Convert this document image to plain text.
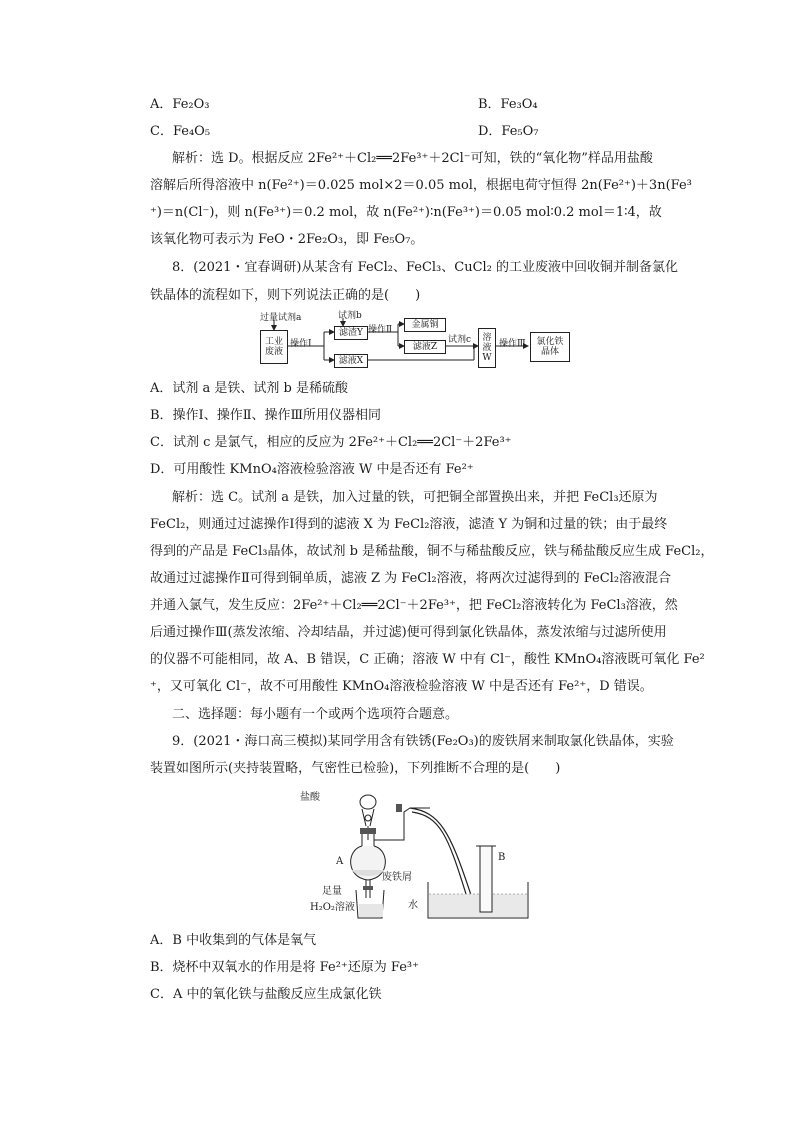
A．Fe₂O₃	B．Fe₃O₄
C．Fe₄O₅	D．Fe₅O₇
解析：选 D。根据反应 2Fe²⁺＋Cl₂══2Fe³⁺＋2Cl⁻可知，铁的“氧化物”样品用盐酸
溶解后所得溶液中 n(Fe²⁺)＝0.025 mol×2＝0.05 mol，根据电荷守恒得 2n(Fe²⁺)＋3n(Fe³
⁺)＝n(Cl⁻)，则 n(Fe³⁺)＝0.2 mol，故 n(Fe²⁺)∶n(Fe³⁺)＝0.05 mol∶0.2 mol＝1∶4，故
该氧化物可表示为 FeO・2Fe₂O₃，即 Fe₅O₇。
8．(2021・宜春调研)从某含有 FeCl₂、FeCl₃、CuCl₂ 的工业废液中回收铜并制备氯化
铁晶体的流程如下，则下列说法正确的是(　　)
过量试剂a
工业废液
操作Ⅰ
试剂b
滤渣Y
滤液X
操作Ⅱ 金属铜
滤液Z
试剂c 溶液W
操作Ⅲ 氯化铁晶体
A．试剂 a 是铁、试剂 b 是稀硫酸
B．操作Ⅰ、操作Ⅱ、操作Ⅲ所用仪器相同
C．试剂 c 是氯气，相应的反应为 2Fe²⁺＋Cl₂══2Cl⁻＋2Fe³⁺
D．可用酸性 KMnO₄溶液检验溶液 W 中是否还有 Fe²⁺
解析：选 C。试剂 a 是铁，加入过量的铁，可把铜全部置换出来，并把 FeCl₃还原为
FeCl₂，则通过过滤操作Ⅰ得到的滤液 X 为 FeCl₂溶液，滤渣 Y 为铜和过量的铁；由于最终
得到的产品是 FeCl₃晶体，故试剂 b 是稀盐酸，铜不与稀盐酸反应，铁与稀盐酸反应生成 FeCl₂，
故通过过滤操作Ⅱ可得到铜单质，滤液 Z 为 FeCl₂溶液，将两次过滤得到的 FeCl₂溶液混合
并通入氯气，发生反应：2Fe²⁺＋Cl₂══2Cl⁻＋2Fe³⁺，把 FeCl₂溶液转化为 FeCl₃溶液，然
后通过操作Ⅲ(蒸发浓缩、冷却结晶，并过滤)便可得到氯化铁晶体，蒸发浓缩与过滤所使用
的仪器不可能相同，故 A、B 错误，C 正确；溶液 W 中有 Cl⁻，酸性 KMnO₄溶液既可氧化 Fe²
⁺，又可氧化 Cl⁻，故不可用酸性 KMnO₄溶液检验溶液 W 中是否还有 Fe²⁺，D 错误。
二、选择题：每小题有一个或两个选项符合题意。
9．(2021・海口高三模拟)某同学用含有铁锈(Fe₂O₃)的废铁屑来制取氯化铁晶体，实验
装置如图所示(夹持装置略，气密性已检验)，下列推断不合理的是(　　)
盐酸
A	B
废铁屑
足量
H₂O₂溶液	水
A．B 中收集到的气体是氧气
B．烧杯中双氧水的作用是将 Fe²⁺还原为 Fe³⁺
C．A 中的氧化铁与盐酸反应生成氯化铁
